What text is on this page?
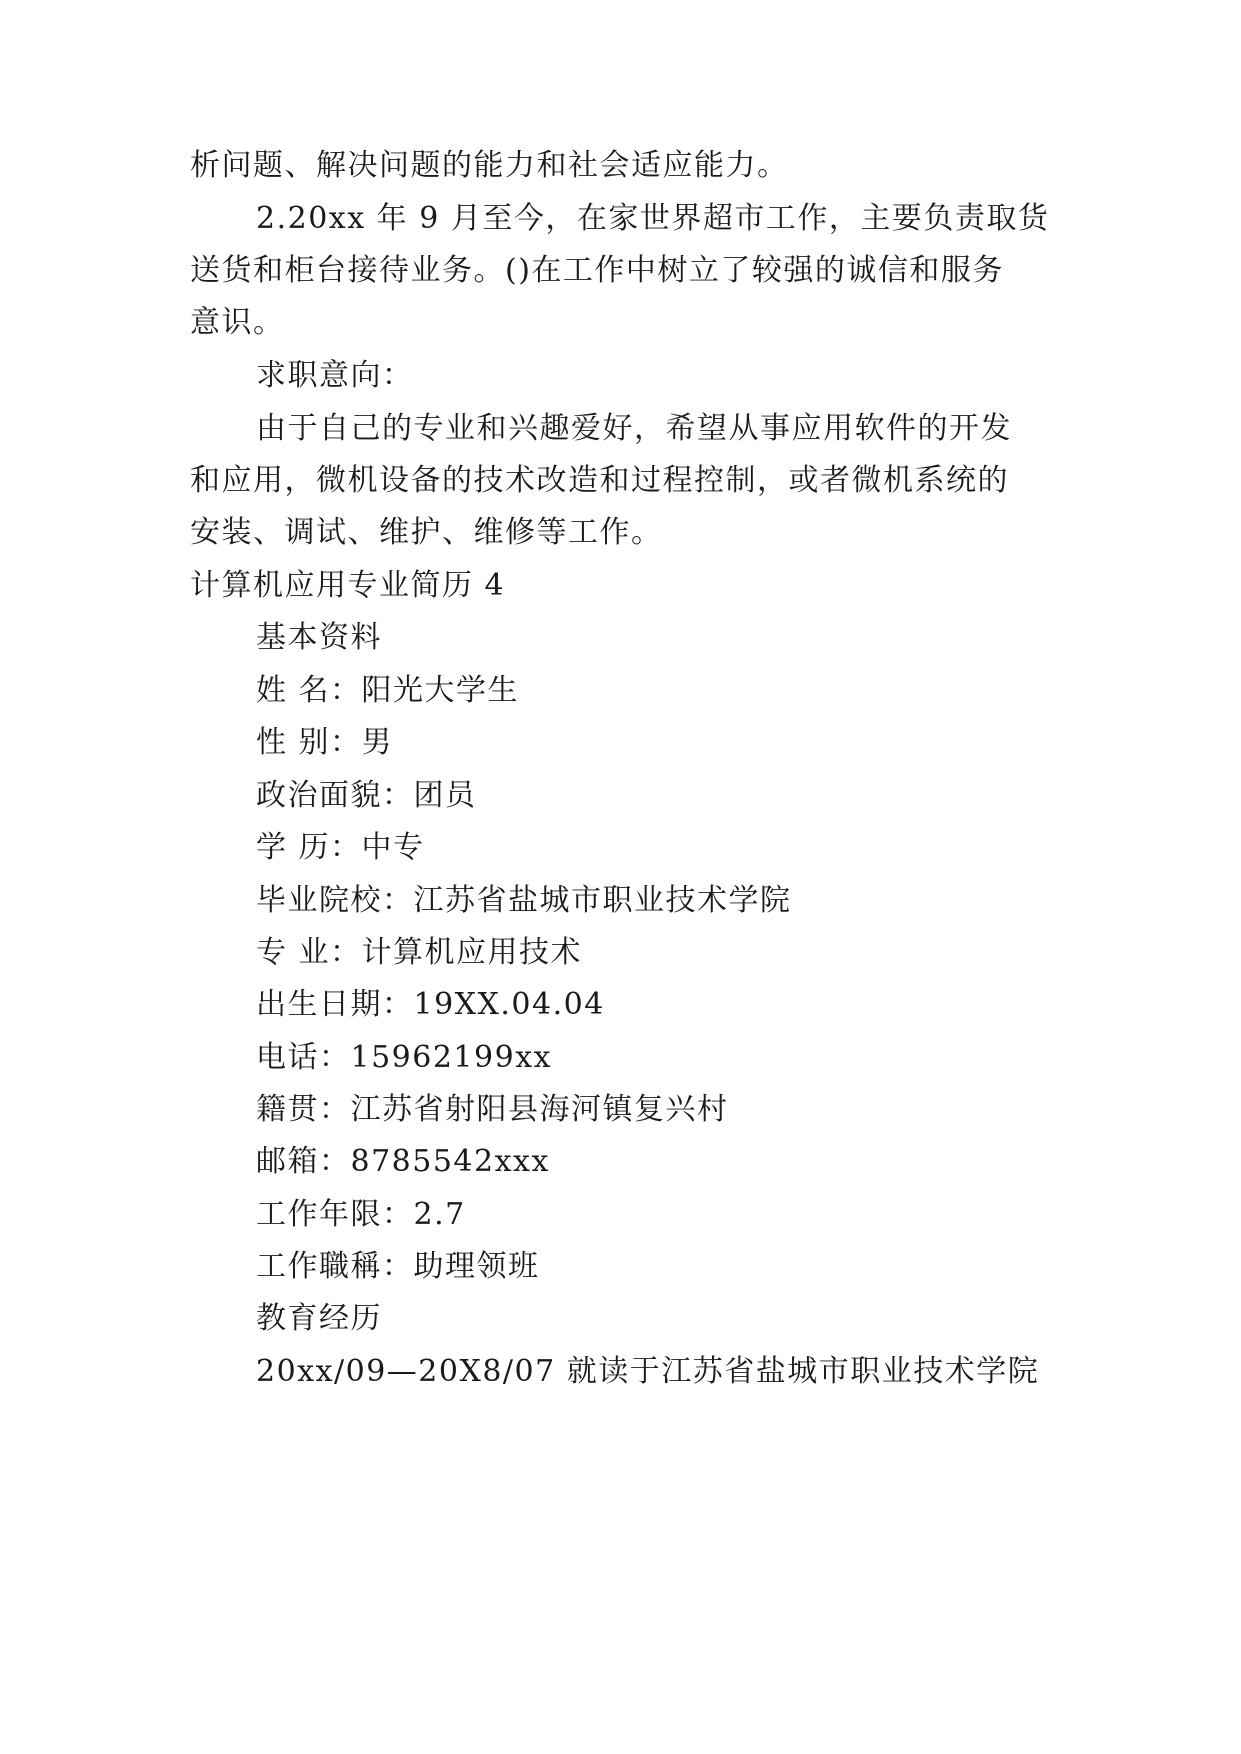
析问题、解决问题的能力和社会适应能力。
2.20xx 年 9 月至今，在家世界超市工作，主要负责取货
送货和柜台接待业务。()在工作中树立了较强的诚信和服务
意识。
求职意向：
由于自己的专业和兴趣爱好，希望从事应用软件的开发
和应用，微机设备的技术改造和过程控制，或者微机系统的
安装、调试、维护、维修等工作。
计算机应用专业简历 4
基本资料
姓 名：阳光大学生
性 别：男
政治面貌：团员
学 历：中专
毕业院校：江苏省盐城市职业技术学院
专 业：计算机应用技术
出生日期：19XX.04.04
电话：15962199xx
籍贯：江苏省射阳县海河镇复兴村
邮箱：8785542xxx
工作年限：2.7
工作職稱：助理领班
教育经历
20xx/09—20X8/07 就读于江苏省盐城市职业技术学院
